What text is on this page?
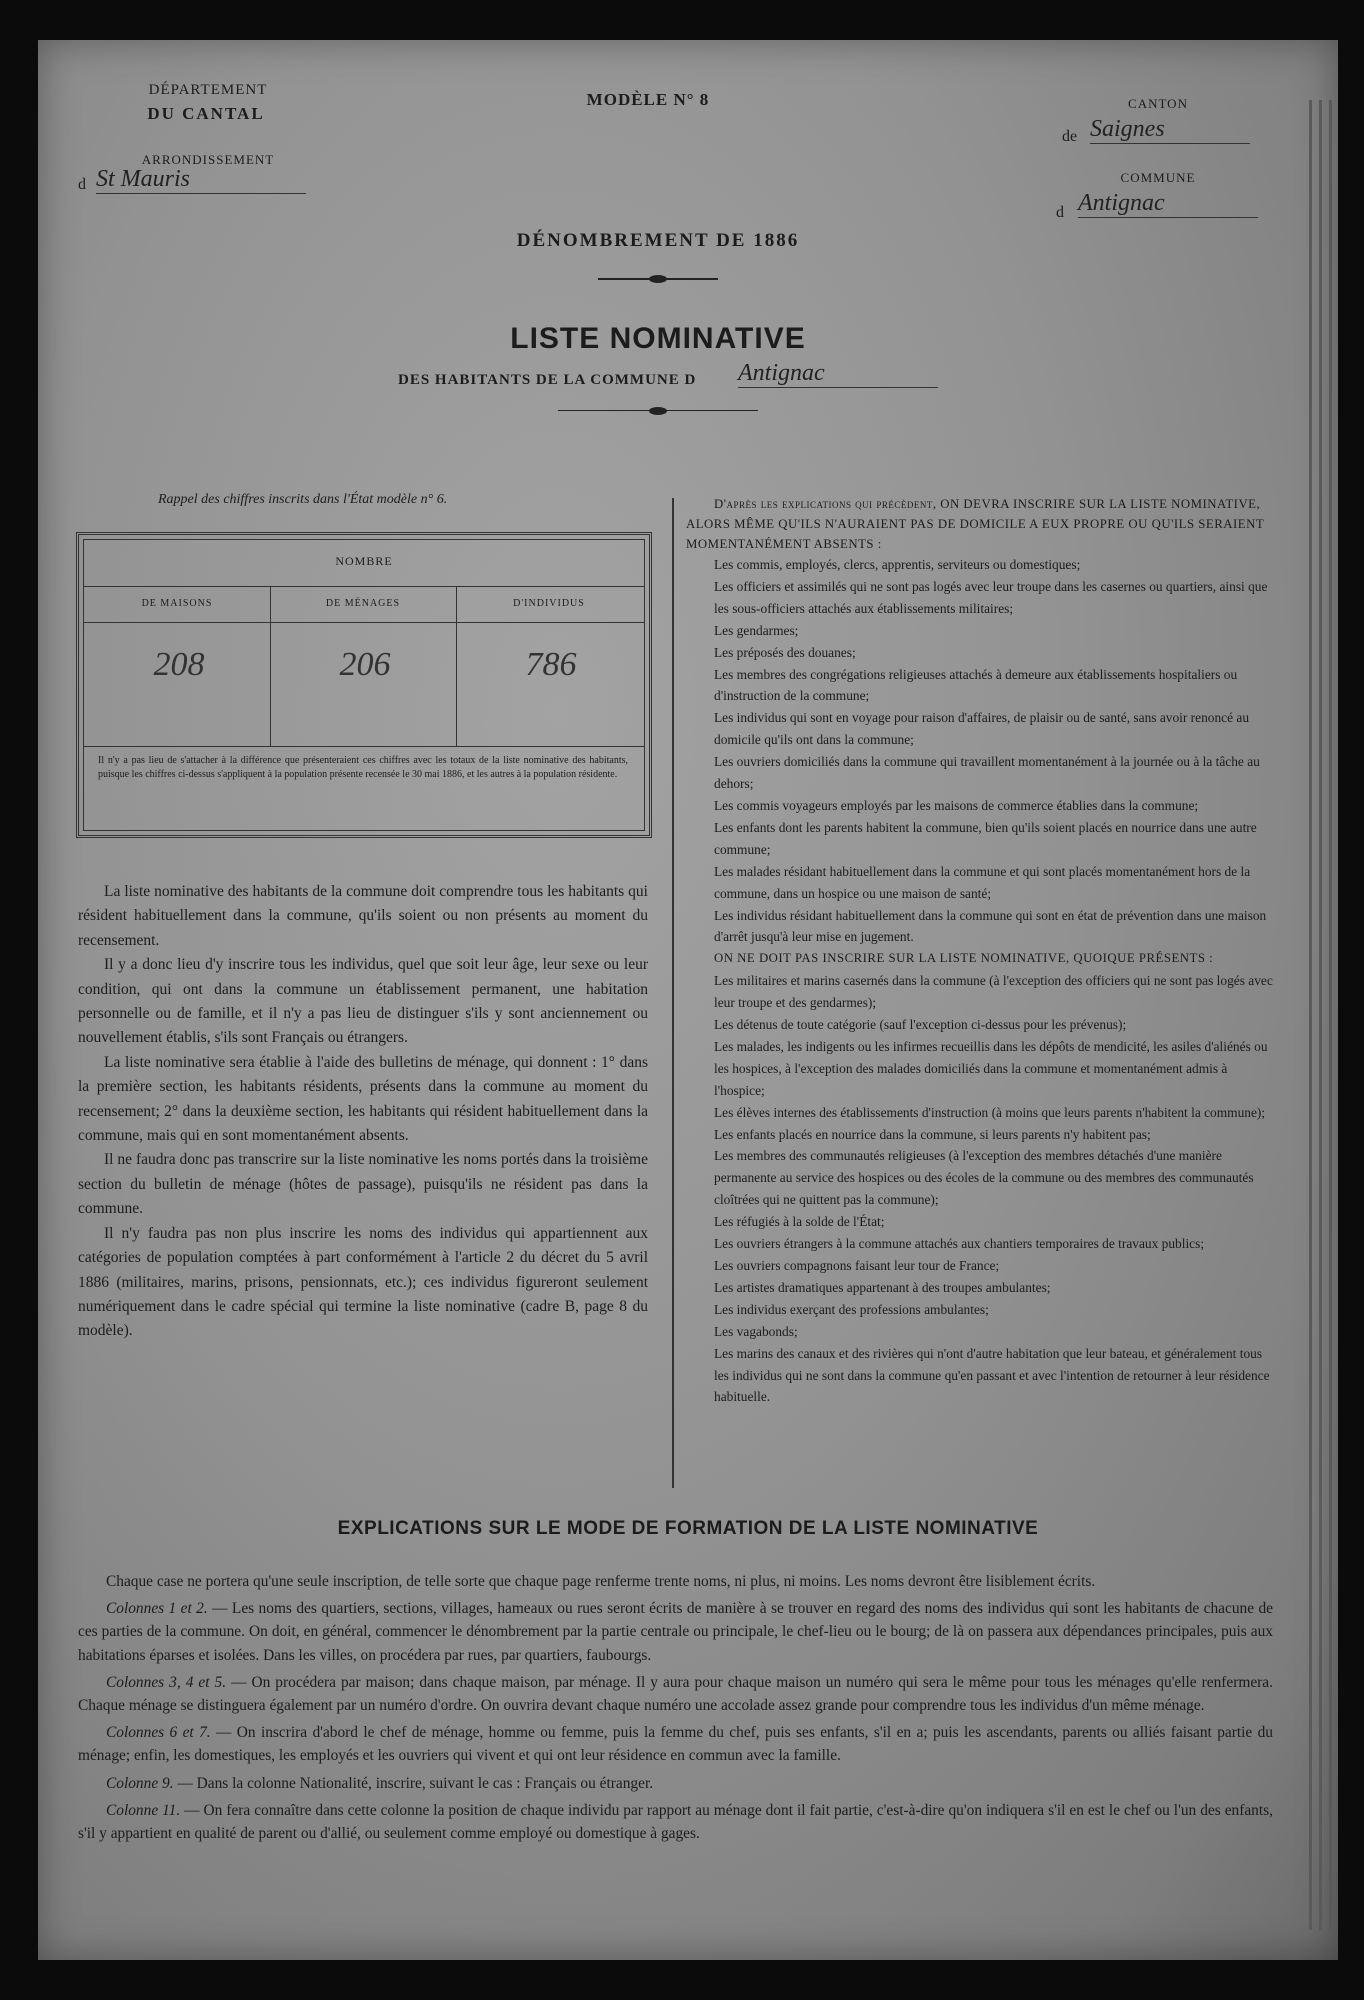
DÉPARTEMENT
DU CANTAL
ARRONDISSEMENT
d St Mauris
MODÈLE N° 8	CANTON
de Saignes
COMMUNE
d Antignac
DÉNOMBREMENT DE 1886
LISTE NOMINATIVE
DES HABITANTS DE LA COMMUNE D Antignac
Rappel des chiffres inscrits dans l'État modèle n° 6.
NOMBRE
DE MAISONS	DE MÉNAGES	D'INDIVIDUS
208	206	786
Il n'y a pas lieu de s'attacher à la différence que présenteraient ces chiffres avec les totaux de la liste nominative des habitants, puisque les chiffres ci-dessus s'appliquent à la population présente recensée le 30 mai 1886, et les autres à la population résidente.

La liste nominative des habitants de la commune doit comprendre tous les habitants qui résident habituellement dans la commune, qu'ils soient ou non présents au moment du recensement.

Il y a donc lieu d'y inscrire tous les individus, quel que soit leur âge, leur sexe ou leur condition, qui ont dans la commune un établissement permanent, une habitation personnelle ou de famille, et il n'y a pas lieu de distinguer s'ils y sont anciennement ou nouvellement établis, s'ils sont Français ou étrangers.

La liste nominative sera établie à l'aide des bulletins de ménage, qui donnent : 1° dans la première section, les habitants résidents, présents dans la commune au moment du recensement; 2° dans la deuxième section, les habitants qui résident habituellement dans la commune, mais qui en sont momentanément absents.

Il ne faudra donc pas transcrire sur la liste nominative les noms portés dans la troisième section du bulletin de ménage (hôtes de passage), puisqu'ils ne résident pas dans la commune.

Il n'y faudra pas non plus inscrire les noms des individus qui appartiennent aux catégories de population comptées à part conformément à l'article 2 du décret du 5 avril 1886 (militaires, marins, prisons, pensionnats, etc.); ces individus figureront seulement numériquement dans le cadre spécial qui termine la liste nominative (cadre B, page 8 du modèle).

D'après les explications qui précèdent, ON DEVRA INSCRIRE SUR LA LISTE NOMINATIVE, ALORS MÊME QU'ILS N'AURAIENT PAS DE DOMICILE A EUX PROPRE OU QU'ILS SERAIENT MOMENTANÉMENT ABSENTS :
Les commis, employés, clercs, apprentis, serviteurs ou domestiques;
Les officiers et assimilés qui ne sont pas logés avec leur troupe dans les casernes ou quartiers, ainsi que les sous-officiers attachés aux établissements militaires;
Les gendarmes;
Les préposés des douanes;
Les membres des congrégations religieuses attachés à demeure aux établissements hospitaliers ou d'instruction de la commune;
Les individus qui sont en voyage pour raison d'affaires, de plaisir ou de santé, sans avoir renoncé au domicile qu'ils ont dans la commune;
Les ouvriers domiciliés dans la commune qui travaillent momentanément à la journée ou à la tâche au dehors;
Les commis voyageurs employés par les maisons de commerce établies dans la commune;
Les enfants dont les parents habitent la commune, bien qu'ils soient placés en nourrice dans une autre commune;
Les malades résidant habituellement dans la commune et qui sont placés momentanément hors de la commune, dans un hospice ou une maison de santé;
Les individus résidant habituellement dans la commune qui sont en état de prévention dans une maison d'arrêt jusqu'à leur mise en jugement.
ON NE DOIT PAS INSCRIRE SUR LA LISTE NOMINATIVE, QUOIQUE PRÉSENTS :
Les militaires et marins casernés dans la commune (à l'exception des officiers qui ne sont pas logés avec leur troupe et des gendarmes);
Les détenus de toute catégorie (sauf l'exception ci-dessus pour les prévenus);
Les malades, les indigents ou les infirmes recueillis dans les dépôts de mendicité, les asiles d'aliénés ou les hospices, à l'exception des malades domiciliés dans la commune et momentanément admis à l'hospice;
Les élèves internes des établissements d'instruction (à moins que leurs parents n'habitent la commune);
Les enfants placés en nourrice dans la commune, si leurs parents n'y habitent pas;
Les membres des communautés religieuses (à l'exception des membres détachés d'une manière permanente au service des hospices ou des écoles de la commune ou des membres des communautés cloîtrées qui ne quittent pas la commune);
Les réfugiés à la solde de l'État;
Les ouvriers étrangers à la commune attachés aux chantiers temporaires de travaux publics;
Les ouvriers compagnons faisant leur tour de France;
Les artistes dramatiques appartenant à des troupes ambulantes;
Les individus exerçant des professions ambulantes;
Les vagabonds;
Les marins des canaux et des rivières qui n'ont d'autre habitation que leur bateau, et généralement tous les individus qui ne sont dans la commune qu'en passant et avec l'intention de retourner à leur résidence habituelle.
EXPLICATIONS SUR LE MODE DE FORMATION DE LA LISTE NOMINATIVE

Chaque case ne portera qu'une seule inscription, de telle sorte que chaque page renferme trente noms, ni plus, ni moins. Les noms devront être lisiblement écrits.

Colonnes 1 et 2. — Les noms des quartiers, sections, villages, hameaux ou rues seront écrits de manière à se trouver en regard des noms des individus qui sont les habitants de chacune de ces parties de la commune. On doit, en général, commencer le dénombrement par la partie centrale ou principale, le chef-lieu ou le bourg; de là on passera aux dépendances principales, puis aux habitations éparses et isolées. Dans les villes, on procédera par rues, par quartiers, faubourgs.

Colonnes 3, 4 et 5. — On procédera par maison; dans chaque maison, par ménage. Il y aura pour chaque maison un numéro qui sera le même pour tous les ménages qu'elle renfermera. Chaque ménage se distinguera également par un numéro d'ordre. On ouvrira devant chaque numéro une accolade assez grande pour comprendre tous les individus d'un même ménage.

Colonnes 6 et 7. — On inscrira d'abord le chef de ménage, homme ou femme, puis la femme du chef, puis ses enfants, s'il en a; puis les ascendants, parents ou alliés faisant partie du ménage; enfin, les domestiques, les employés et les ouvriers qui vivent et qui ont leur résidence en commun avec la famille.

Colonne 9. — Dans la colonne Nationalité, inscrire, suivant le cas : Français ou étranger.

Colonne 11. — On fera connaître dans cette colonne la position de chaque individu par rapport au ménage dont il fait partie, c'est-à-dire qu'on indiquera s'il en est le chef ou l'un des enfants, s'il y appartient en qualité de parent ou d'allié, ou seulement comme employé ou domestique à gages.
